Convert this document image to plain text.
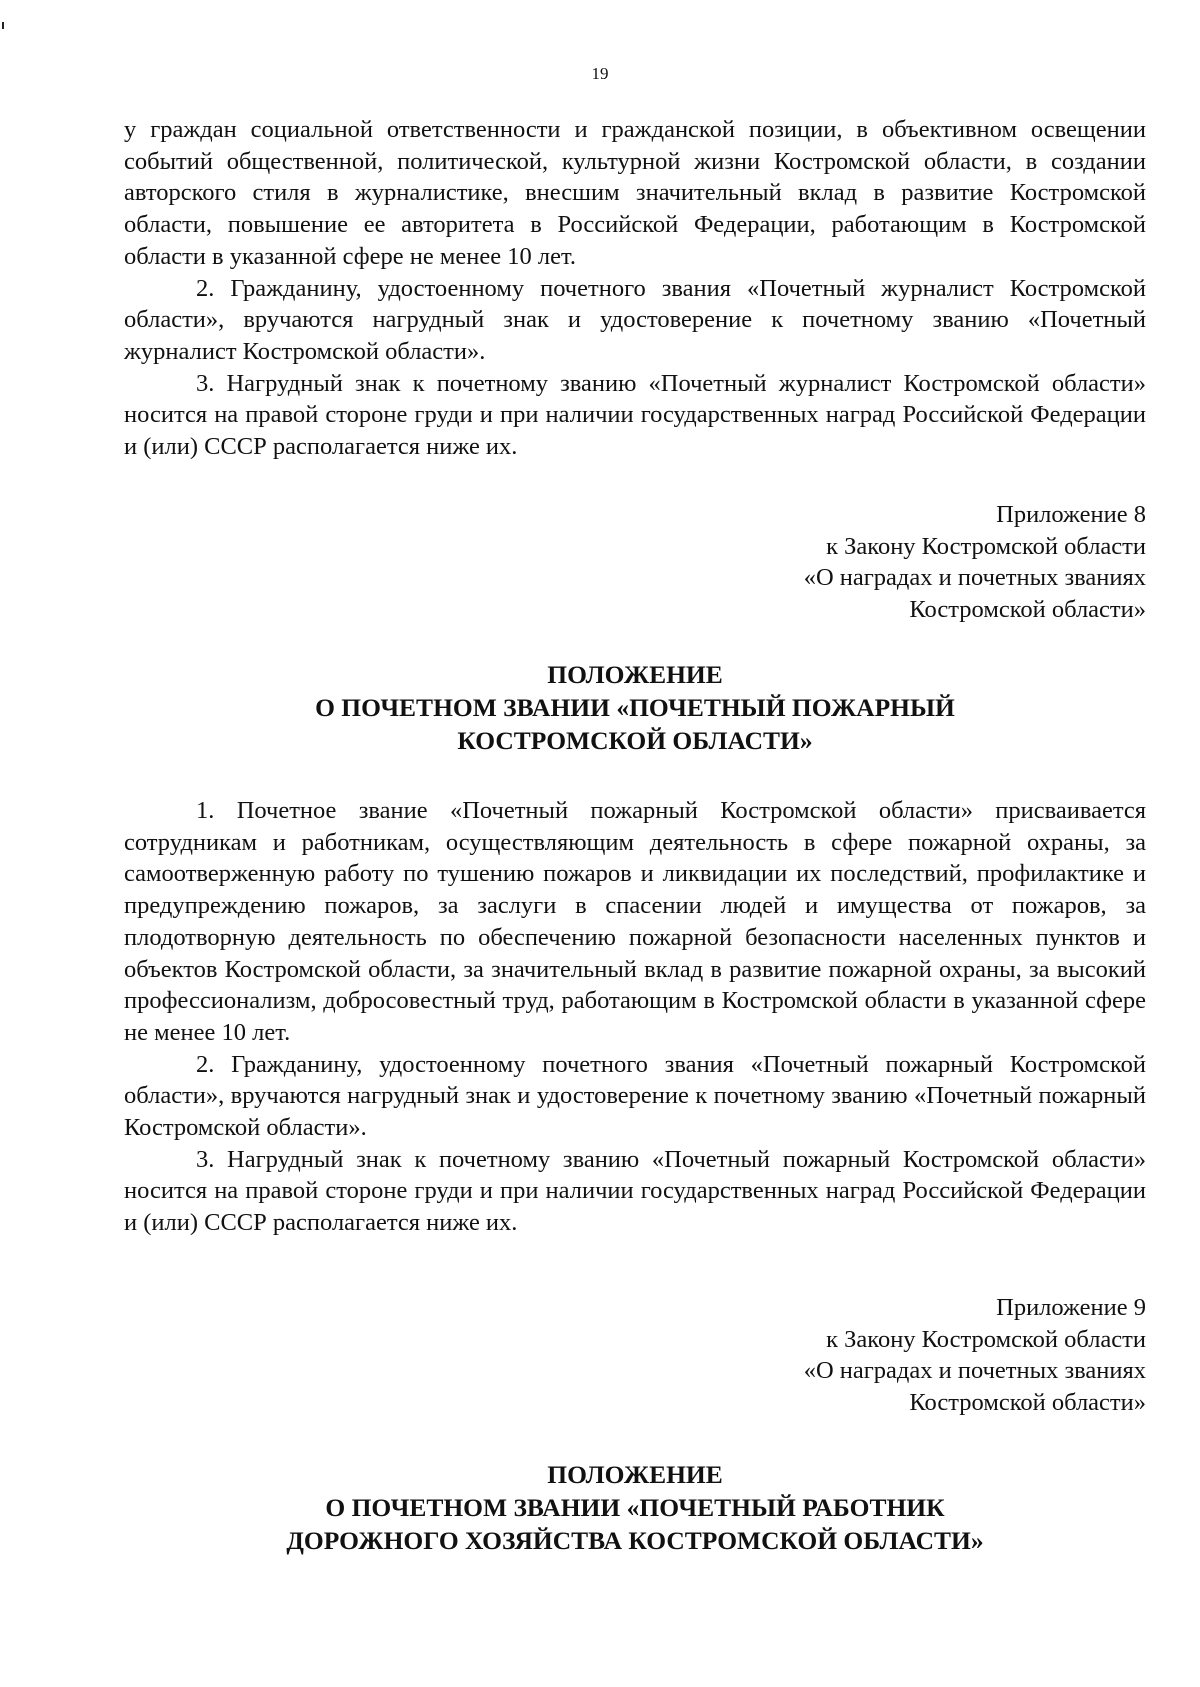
19

у граждан социальной ответственности и гражданской позиции, в объективном освещении событий общественной, политической, культурной жизни Костромской области, в создании авторского стиля в журналистике, внесшим значительный вклад в развитие Костромской области, повышение ее авторитета в Российской Федерации, работающим в Костромской области в указанной сфере не менее 10 лет.

2. Гражданину, удостоенному почетного звания «Почетный журналист Костромской области», вручаются нагрудный знак и удостоверение к почетному званию «Почетный журналист Костромской области».

3. Нагрудный знак к почетному званию «Почетный журналист Костромской области» носится на правой стороне груди и при наличии государственных наград Российской Федерации и (или) СССР располагается ниже их.

Приложение 8
к Закону Костромской области
«О наградах и почетных званиях
Костромской области»
ПОЛОЖЕНИЕ
О ПОЧЕТНОМ ЗВАНИИ «ПОЧЕТНЫЙ ПОЖАРНЫЙ
КОСТРОМСКОЙ ОБЛАСТИ»

1. Почетное звание «Почетный пожарный Костромской области» присваивается сотрудникам и работникам, осуществляющим деятельность в сфере пожарной охраны, за самоотверженную работу по тушению пожаров и ликвидации их последствий, профилактике и предупреждению пожаров, за заслуги в спасении людей и имущества от пожаров, за плодотворную деятельность по обеспечению пожарной безопасности населенных пунктов и объектов Костромской области, за значительный вклад в развитие пожарной охраны, за высокий профессионализм, добросовестный труд, работающим в Костромской области в указанной сфере не менее 10 лет.

2. Гражданину, удостоенному почетного звания «Почетный пожарный Костромской области», вручаются нагрудный знак и удостоверение к почетному званию «Почетный пожарный Костромской области».

3. Нагрудный знак к почетному званию «Почетный пожарный Костромской области» носится на правой стороне груди и при наличии государственных наград Российской Федерации и (или) СССР располагается ниже их.

Приложение 9
к Закону Костромской области
«О наградах и почетных званиях
Костромской области»
ПОЛОЖЕНИЕ
О ПОЧЕТНОМ ЗВАНИИ «ПОЧЕТНЫЙ РАБОТНИК
ДОРОЖНОГО ХОЗЯЙСТВА КОСТРОМСКОЙ ОБЛАСТИ»
